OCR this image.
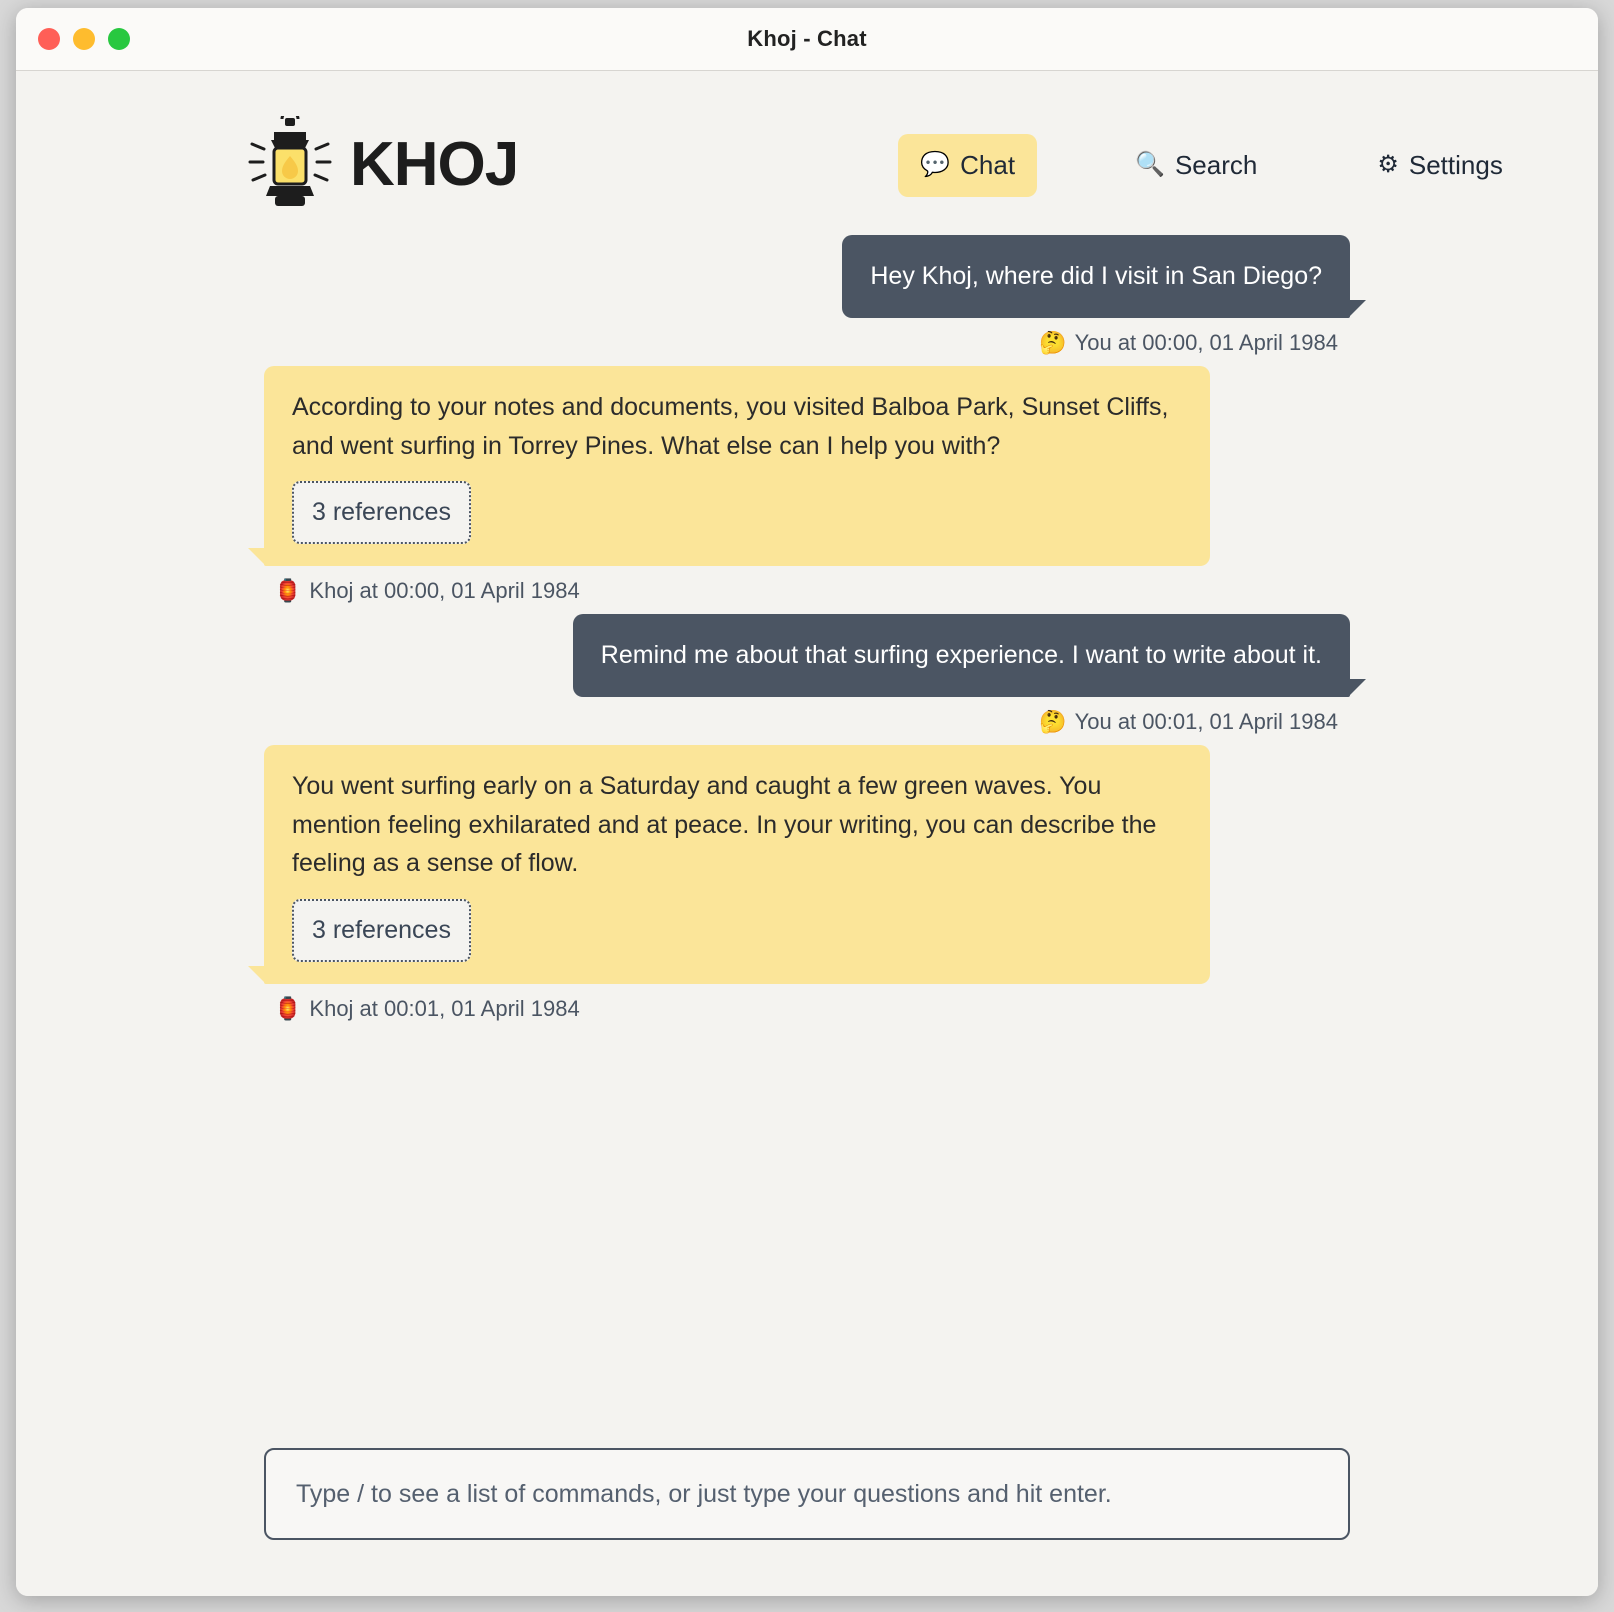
Khoj - Chat
KHOJ	💬 Chat	🔍 Search	⚙ Settings
Hey Khoj, where did I visit in San Diego?
🤔 You at 00:00, 01 April 1984
According to your notes and documents, you visited Balboa Park, Sunset Cliffs, and went surfing in Torrey Pines. What else can I help you with?
3 references
🏮 Khoj at 00:00, 01 April 1984
Remind me about that surfing experience. I want to write about it.
🤔 You at 00:01, 01 April 1984
You went surfing early on a Saturday and caught a few green waves. You mention feeling exhilarated and at peace. In your writing, you can describe the feeling as a sense of flow.
3 references
🏮 Khoj at 00:01, 01 April 1984
Type / to see a list of commands, or just type your questions and hit enter.
